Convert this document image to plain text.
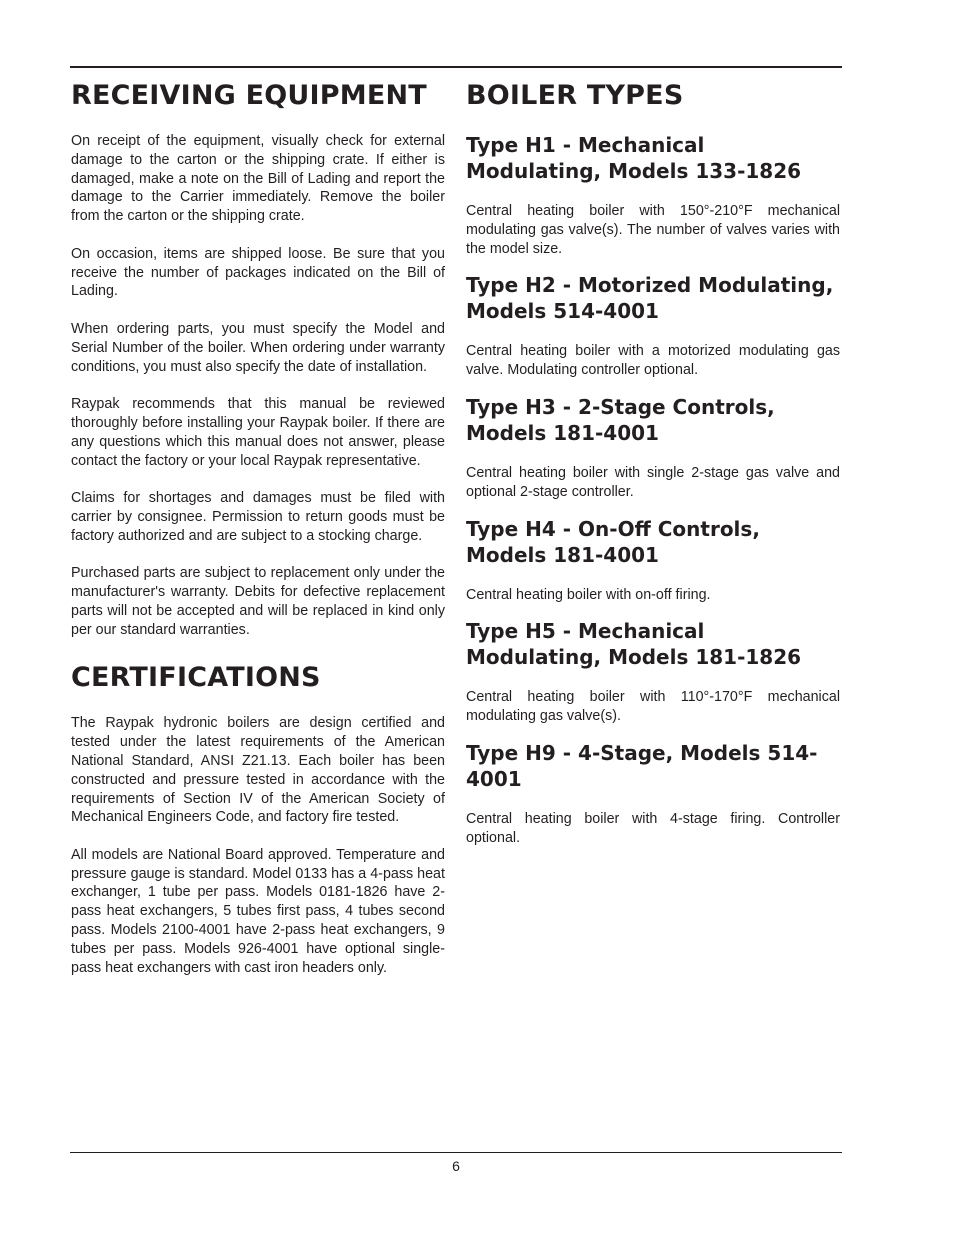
RECEIVING EQUIPMENT

On receipt of the equipment, visually check for external damage to the carton or the shipping crate. If either is damaged, make a note on the Bill of Lading and report the damage to the Carrier immediately. Remove the boiler from the carton or the shipping crate.

On occasion, items are shipped loose. Be sure that you receive the number of packages indicated on the Bill of Lading.

When ordering parts, you must specify the Model and Serial Number of the boiler. When ordering under warranty conditions, you must also specify the date of installation.

Raypak recommends that this manual be reviewed thoroughly before installing your Raypak boiler. If there are any questions which this manual does not answer, please contact the factory or your local Raypak representative.

Claims for shortages and damages must be filed with carrier by consignee. Permission to return goods must be factory authorized and are subject to a stocking charge.

Purchased parts are subject to replacement only under the manufacturer's warranty. Debits for defective replacement parts will not be accepted and will be replaced in kind only per our standard warranties.

CERTIFICATIONS

The Raypak hydronic boilers are design certified and tested under the latest requirements of the American National Standard, ANSI Z21.13. Each boiler has been constructed and pressure tested in accordance with the requirements of Section IV of the American Society of Mechanical Engineers Code, and factory fire tested.

All models are National Board approved. Temperature and pressure gauge is standard. Model 0133 has a 4-pass heat exchanger, 1 tube per pass. Models 0181-1826 have 2-pass heat exchangers, 5 tubes first pass, 4 tubes second pass. Models 2100-4001 have 2-pass heat exchangers, 9 tubes per pass. Models 926-4001 have optional single-pass heat exchangers with cast iron headers only.

BOILER TYPES
Type H1 - Mechanical Modulating, Models 133-1826

Central heating boiler with 150°-210°F mechanical modulating gas valve(s). The number of valves varies with the model size.

Type H2 - Motorized Modulating, Models 514-4001

Central heating boiler with a motorized modulating gas valve. Modulating controller optional.

Type H3 - 2-Stage Controls, Models 181-4001

Central heating boiler with single 2-stage gas valve and optional 2-stage controller.

Type H4 - On-Off Controls, Models 181-4001

Central heating boiler with on-off firing.

Type H5 - Mechanical Modulating, Models 181-1826

Central heating boiler with 110°-170°F mechanical modulating gas valve(s).

Type H9 - 4-Stage, Models 514-4001

Central heating boiler with 4-stage firing. Controller optional.

6
